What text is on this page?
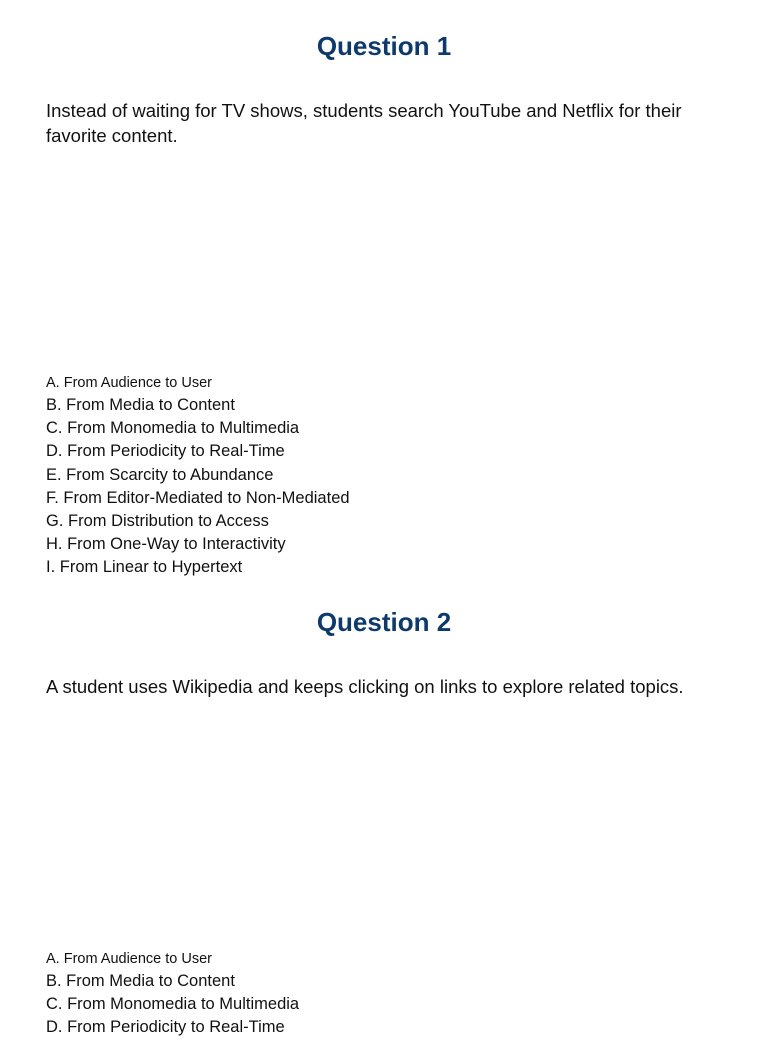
Question 1

Instead of waiting for TV shows, students search YouTube and Netflix for their favorite content.

A. From Audience to User
B. From Media to Content
C. From Monomedia to Multimedia
D. From Periodicity to Real-Time
E. From Scarcity to Abundance
F. From Editor-Mediated to Non-Mediated
G. From Distribution to Access
H. From One-Way to Interactivity
I. From Linear to Hypertext
Question 2

A student uses Wikipedia and keeps clicking on links to explore related topics.

A. From Audience to User
B. From Media to Content
C. From Monomedia to Multimedia
D. From Periodicity to Real-Time
